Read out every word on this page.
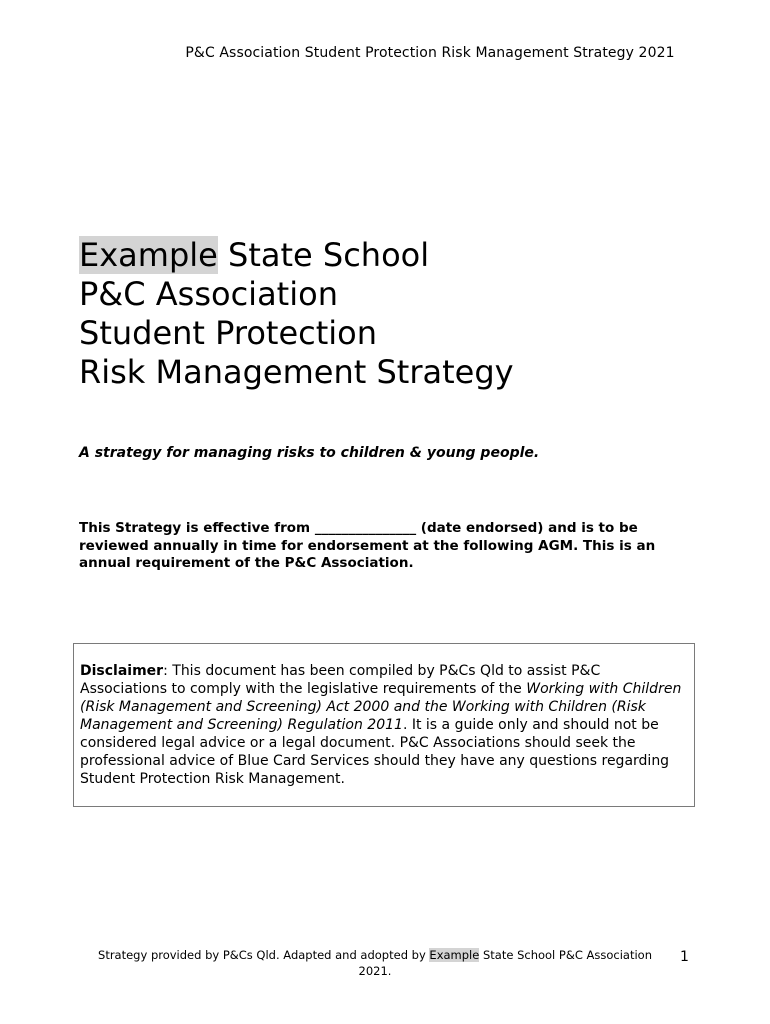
P&C Association Student Protection Risk Management Strategy 2021
Example State School
P&C Association
Student Protection
Risk Management Strategy
A strategy for managing risks to children & young people.
This Strategy is effective from _______________ (date endorsed) and is to be reviewed annually in time for endorsement at the following AGM. This is an annual requirement of the P&C Association.
Disclaimer: This document has been compiled by P&Cs Qld to assist P&C Associations to comply with the legislative requirements of the Working with Children (Risk Management and Screening) Act 2000 and the Working with Children (Risk Management and Screening) Regulation 2011. It is a guide only and should not be considered legal advice or a legal document. P&C Associations should seek the professional advice of Blue Card Services should they have any questions regarding Student Protection Risk Management.
Strategy provided by P&Cs Qld. Adapted and adopted by Example State School P&C Association 2021.
1
